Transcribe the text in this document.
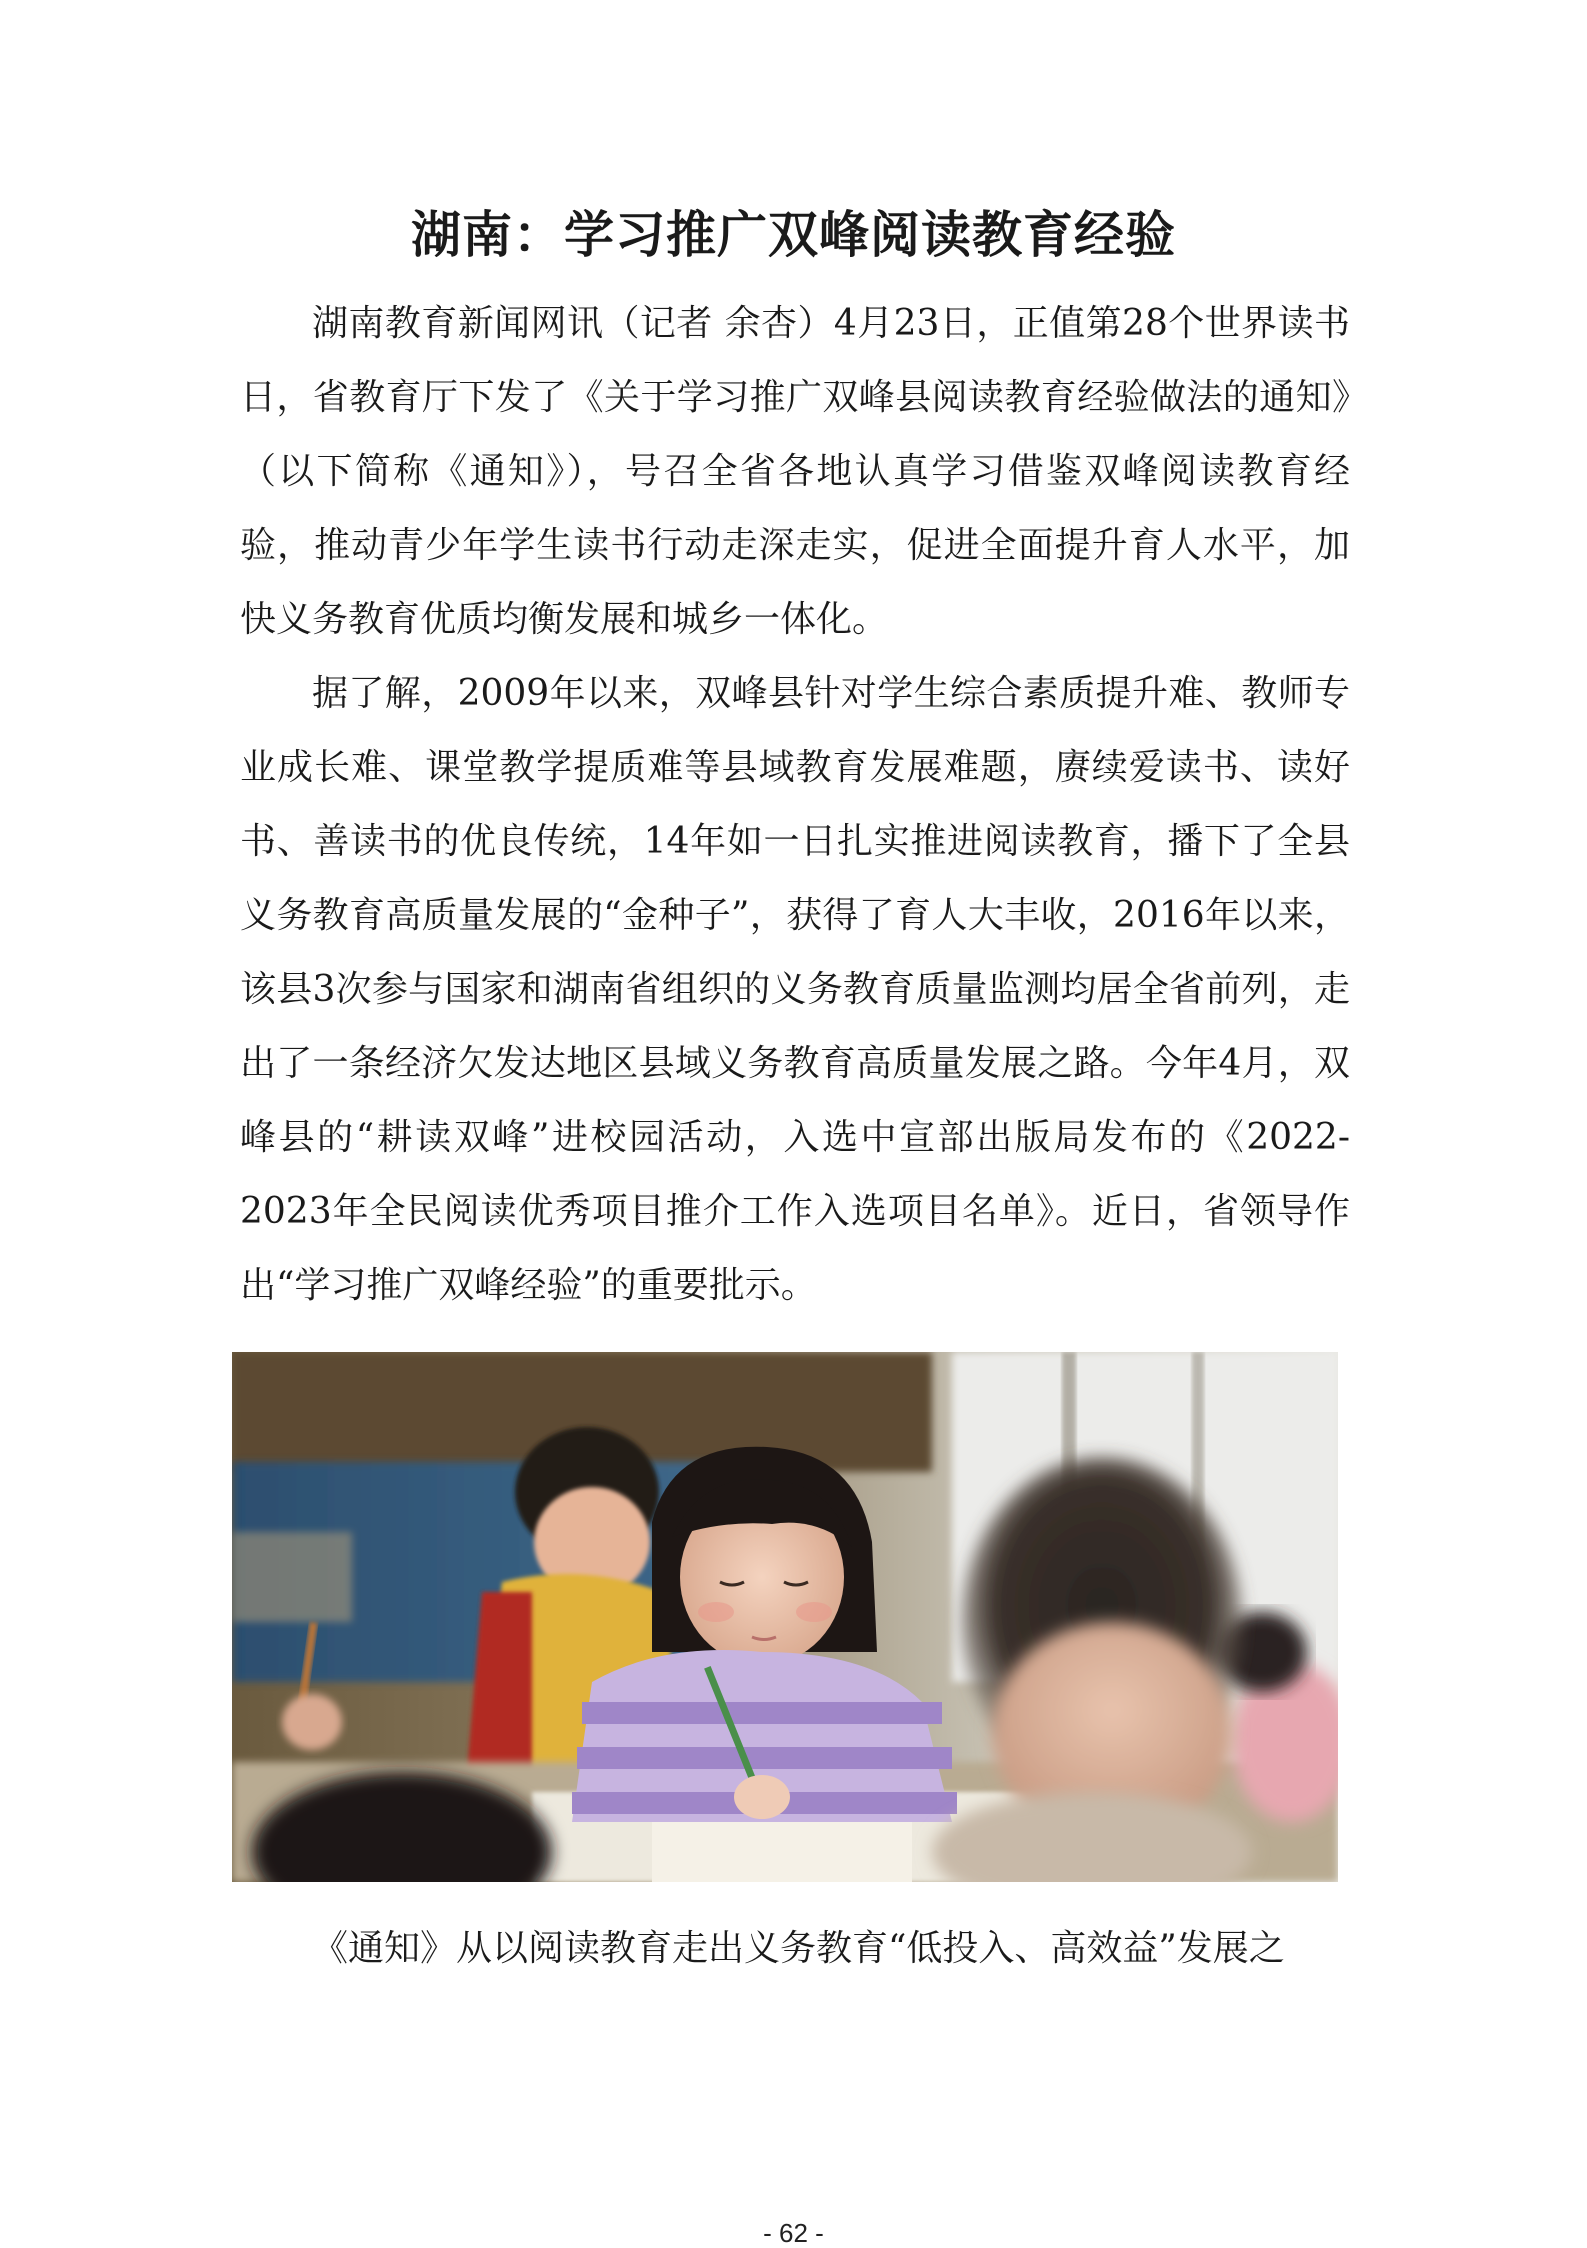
湖南：学习推广双峰阅读教育经验

湖南教育新闻网讯（记者 余杏）4月23日，正值第28个世界读书日，省教育厅下发了《关于学习推广双峰县阅读教育经验做法的通知》（以下简称《通知》），号召全省各地认真学习借鉴双峰阅读教育经验，推动青少年学生读书行动走深走实，促进全面提升育人水平，加快义务教育优质均衡发展和城乡一体化。

据了解，2009年以来，双峰县针对学生综合素质提升难、教师专业成长难、课堂教学提质难等县域教育发展难题，赓续爱读书、读好书、善读书的优良传统，14年如一日扎实推进阅读教育，播下了全县义务教育高质量发展的“金种子”，获得了育人大丰收，2016年以来，该县3次参与国家和湖南省组织的义务教育质量监测均居全省前列，走出了一条经济欠发达地区县域义务教育高质量发展之路。今年4月，双峰县的“耕读双峰”进校园活动，入选中宣部出版局发布的《2022-2023年全民阅读优秀项目推介工作入选项目名单》。近日，省领导作出“学习推广双峰经验”的重要批示。

《通知》从以阅读教育走出义务教育“低投入、高效益”发展之

- 62 -
